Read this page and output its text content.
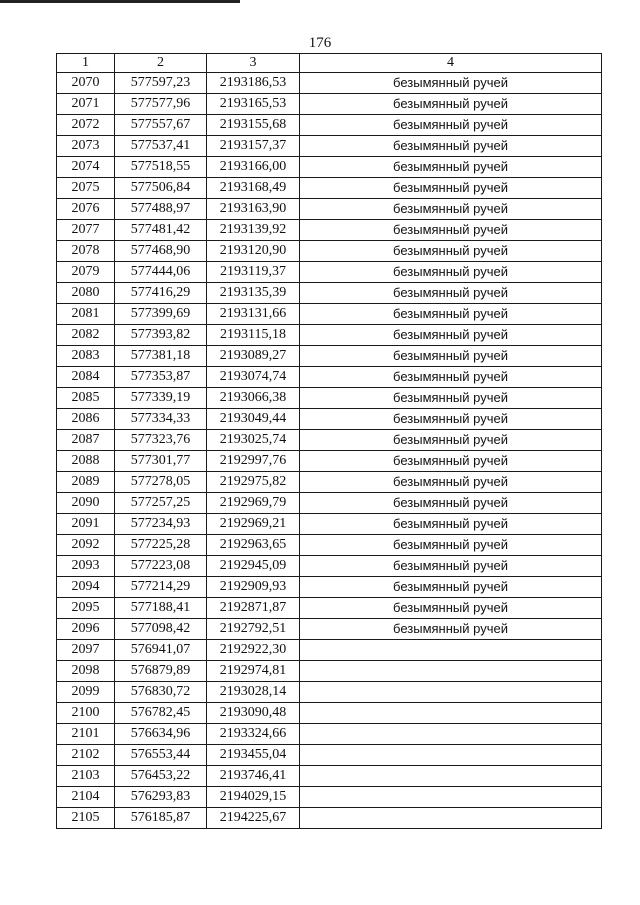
176
1	2	3	4
2070	577597,23	2193186,53	безымянный ручей
2071	577577,96	2193165,53	безымянный ручей
2072	577557,67	2193155,68	безымянный ручей
2073	577537,41	2193157,37	безымянный ручей
2074	577518,55	2193166,00	безымянный ручей
2075	577506,84	2193168,49	безымянный ручей
2076	577488,97	2193163,90	безымянный ручей
2077	577481,42	2193139,92	безымянный ручей
2078	577468,90	2193120,90	безымянный ручей
2079	577444,06	2193119,37	безымянный ручей
2080	577416,29	2193135,39	безымянный ручей
2081	577399,69	2193131,66	безымянный ручей
2082	577393,82	2193115,18	безымянный ручей
2083	577381,18	2193089,27	безымянный ручей
2084	577353,87	2193074,74	безымянный ручей
2085	577339,19	2193066,38	безымянный ручей
2086	577334,33	2193049,44	безымянный ручей
2087	577323,76	2193025,74	безымянный ручей
2088	577301,77	2192997,76	безымянный ручей
2089	577278,05	2192975,82	безымянный ручей
2090	577257,25	2192969,79	безымянный ручей
2091	577234,93	2192969,21	безымянный ручей
2092	577225,28	2192963,65	безымянный ручей
2093	577223,08	2192945,09	безымянный ручей
2094	577214,29	2192909,93	безымянный ручей
2095	577188,41	2192871,87	безымянный ручей
2096	577098,42	2192792,51	безымянный ручей
2097	576941,07	2192922,30	
2098	576879,89	2192974,81	
2099	576830,72	2193028,14	
2100	576782,45	2193090,48	
2101	576634,96	2193324,66	
2102	576553,44	2193455,04	
2103	576453,22	2193746,41	
2104	576293,83	2194029,15	
2105	576185,87	2194225,67	
